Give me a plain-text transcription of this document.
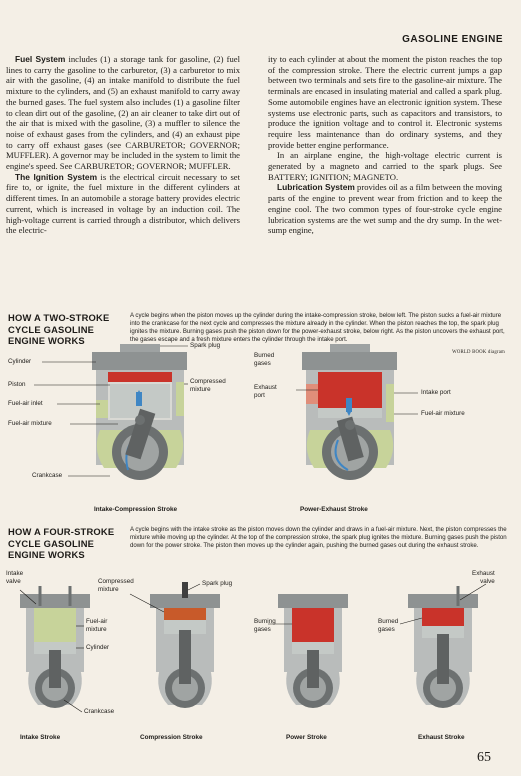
GASOLINE ENGINE

Fuel System includes (1) a storage tank for gasoline, (2) fuel lines to carry the gasoline to the carburetor, (3) a carburetor to mix air with the gasoline, (4) an intake manifold to distribute the fuel mixture to the cylinders, and (5) an exhaust manifold to carry away the burned gases. The fuel system also includes (1) a gasoline filter to clean dirt out of the gasoline, (2) an air cleaner to take dirt out of the air that is mixed with the gasoline, (3) a muffler to silence the noise of exhaust gases from the cylinders, and (4) an exhaust pipe to carry off exhaust gases (see CARBURETOR; GOVERNOR; MUFFLER). A governor may be included in the system to limit the engine's speed. See CARBURETOR; GOVERNOR; MUFFLER.

The Ignition System is the electrical circuit necessary to set fire to, or ignite, the fuel mixture in the different cylinders at different times. In an automobile a storage battery provides electric current, which is increased in voltage by an induction coil. The high-voltage current is carried through a distributor, which delivers the electric-

ity to each cylinder at about the moment the piston reaches the top of the compression stroke. There the electric current jumps a gap between two terminals and sets fire to the gasoline-air mixture. The terminals are encased in insulating material and called a spark plug. Some automobile engines have an electronic ignition system. These systems use electronic parts, such as capacitors and transistors, to produce the ignition voltage and to control it. Electronic systems require less maintenance than do ordinary systems, and they provide better engine performance.

In an airplane engine, the high-voltage electric current is generated by a magneto and carried to the spark plugs. See BATTERY; IGNITION; MAGNETO.

Lubrication System provides oil as a film between the moving parts of the engine to prevent wear from friction and to keep the engine cool. The two common types of four-stroke cycle engine lubrication systems are the wet sump and the dry sump. In the wet-sump engine,

HOW A TWO-STROKE
CYCLE GASOLINE
ENGINE WORKS
A cycle begins when the piston moves up the cylinder during the intake-compression stroke, below left. The piston sucks a fuel-air mixture into the crankcase for the next cycle and compresses the mixture already in the cylinder. When the piston reaches the top, the spark plug ignites the mixture. Burning gases push the piston down for the power-exhaust stroke, below right. As the piston uncovers the exhaust port, the gases escape and a fresh mixture enters the cylinder through the intake port.
WORLD BOOK diagram
HOW A FOUR-STROKE
CYCLE GASOLINE
ENGINE WORKS
A cycle begins with the intake stroke as the piston moves down the cylinder and draws in a fuel-air mixture. Next, the piston compresses the mixture while moving up the cylinder. At the top of the compression stroke, the spark plug ignites the mixture. Burning gases push the piston down for the power stroke. The piston then moves up the cylinder again, pushing the burned gases out during the exhaust stroke.
Cylinder
Piston
Fuel-air inlet
Fuel-air mixture
Crankcase
Spark plug
Compressed
mixture
Burned
gases
Exhaust
port	Intake port
Fuel-air mixture
Intake-Compression Stroke	Power-Exhaust Stroke
Intake
valve	Compressed
mixture
Spark plug
Exhaust
valve
Fuel-air
mixture
Cylinder
Crankcase
Burning
gases
Burned
gases
Intake Stroke	Compression Stroke	Power Stroke	Exhaust Stroke
65
